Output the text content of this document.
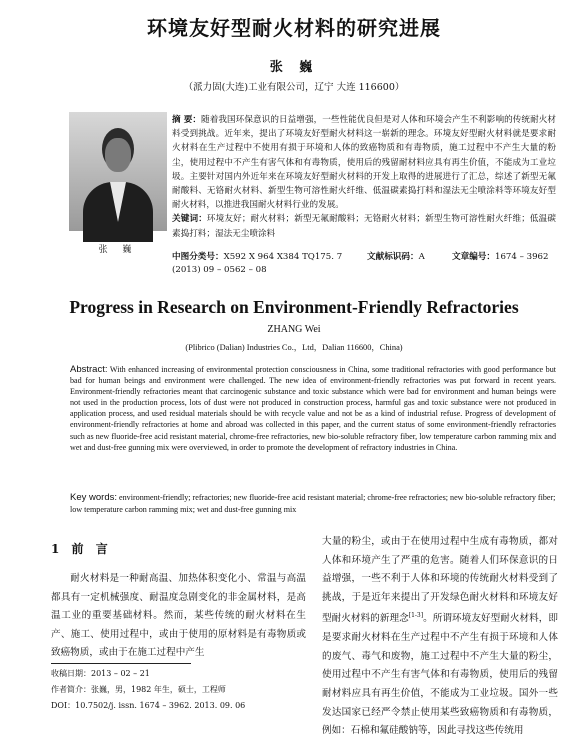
环境友好型耐火材料的研究进展
张 巍
（派力固(大连)工业有限公司，辽宁 大连 116600）
张 巍
摘 要：随着我国环保意识的日益增强，一些性能优良但是对人体和环境会产生不利影响的传统耐火材料受到挑战。近年来，提出了环境友好型耐火材料这一崭新的理念。环境友好型耐火材料就是要求耐火材料在生产过程中不使用有损于环境和人体的致癌物质和有毒物质，施工过程中不产生大量的粉尘，使用过程中不产生有害气体和有毒物质，使用后的残留耐材料应具有再生价值，不能成为工业垃圾。主要针对国内外近年来在环境友好型耐火材料的开发上取得的进展进行了汇总，综述了新型无氟耐酸料、无铬耐火材料、新型生物可溶性耐火纤维、低温碳素捣打料和湿法无尘喷涂料等环境友好型耐火材料，以推进我国耐火材料行业的发展。
关键词：环境友好；耐火材料；新型无氟耐酸料；无铬耐火材料；新型生物可溶性耐火纤维；低温碳素捣打料；湿法无尘喷涂料
中图分类号：X592 X 964 X384 TQ175. 7	文献标识码：A	文章编号：1674 – 3962
(2013) 09 – 0562 – 08
Progress in Research on Environment-Friendly Refractories
ZHANG Wei
(Plibrico (Dalian) Industries Co.，Ltd，Dalian 116600，China)
Abstract: With enhanced increasing of environmental protection consciousness in China, some traditional refractories with good performance but bad for human beings and environment were challenged. The new idea of environment-friendly refractories was put forward in recent years. Environment-friendly refractories meant that carcinogenic substance and toxic substance which were bad for environment and human beings were not used in the production process, lots of dust were not produced in construction process, harmful gas and toxic substance were not produced in application process, and used residual materials should be with recycle value and not be as a kind of industrial refuse. Progress of development of environment-friendly refractories at home and abroad was collected in this paper, and the current status of some environment-friendly refractories such as new fluoride-free acid resistant material, chrome-free refractories, new bio-soluble refractory fiber, low temperature carbon ramming mix and wet and dust-free gunning mix were overviewed, in order to promote the development of refractory industries in China.
Key words: environment-friendly; refractories; new fluoride-free acid resistant material; chrome-free refractories; new bio-soluble refractory fiber; low temperature carbon ramming mix; wet and dust-free gunning mix
1 前 言
耐火材料是一种耐高温、加热体积变化小、常温与高温都具有一定机械强度、耐温度急剧变化的非金属材料，是高温工业的重要基础材料。然而，某些传统的耐火材料在生产、施工、使用过程中，或由于使用的原材料是有毒物质或致癌物质，或由于在施工过程中产生
大量的粉尘，或由于在使用过程中生成有毒物质，都对人体和环境产生了严重的危害。随着人们环保意识的日益增强，一些不利于人体和环境的传统耐火材料受到了挑战，于是近年来提出了开发绿色耐火材料和环境友好型耐火材料的新理念[1-3]。所谓环境友好型耐火材料，即是要求耐火材料在生产过程中不产生有损于环境和人体的废气、毒气和废物，施工过程中不产生大量的粉尘，使用过程中不产生有害气体和有毒物质，使用后的残留耐材料应具有再生价值，不能成为工业垃圾。国外一些发达国家已经严令禁止使用某些致癌物质和有毒物质，例如：石棉和氟硅酸钠等，因此寻找这些传统用
收稿日期：2013 – 02 – 21
作者简介：张巍，男，1982 年生，硕士，工程师
DOI：10.7502/j. issn. 1674 – 3962. 2013. 09. 06
